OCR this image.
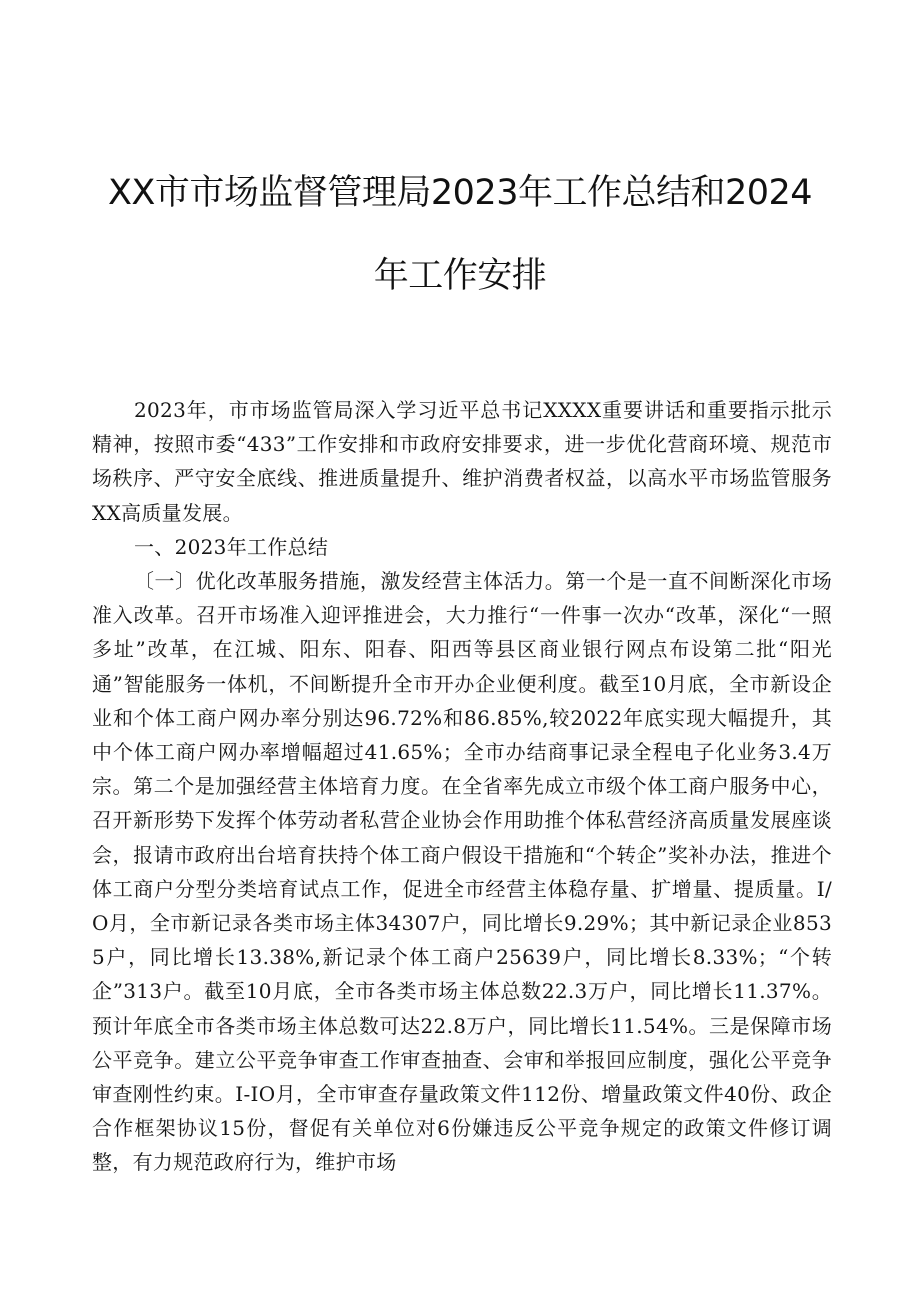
XX市市场监督管理局2023年工作总结和2024
年工作安排

2023年，市市场监管局深入学习近平总书记XXXX重要讲话和重要指示批示精神，按照市委“433”工作安排和市政府安排要求，进一步优化营商环境、规范市场秩序、严守安全底线、推进质量提升、维护消费者权益，以高水平市场监管服务XX高质量发展。

一、2023年工作总结

〔一〕优化改革服务措施，激发经营主体活力。第一个是一直不间断深化市场准入改革。召开市场准入迎评推进会，大力推行“一件事一次办“改革，深化“一照多址”改革，在江城、阳东、阳春、阳西等县区商业银行网点布设第二批“阳光通”智能服务一体机，不间断提升全市开办企业便利度。截至10月底，全市新设企业和个体工商户网办率分别达96.72%和86.85%,较2022年底实现大幅提升，其中个体工商户网办率增幅超过41.65%；全市办结商事记录全程电子化业务3.4万宗。第二个是加强经营主体培育力度。在全省率先成立市级个体工商户服务中心，召开新形势下发挥个体劳动者私营企业协会作用助推个体私营经济高质量发展座谈会，报请市政府出台培育扶持个体工商户假设干措施和“个转企”奖补办法，推进个体工商户分型分类培育试点工作，促进全市经营主体稳存量、扩增量、提质量。I/O月，全市新记录各类市场主体34307户，同比增长9.29%；其中新记录企业8535户，同比增长13.38%,新记录个体工商户25639户，同比增长8.33%；“个转企”313户。截至10月底，全市各类市场主体总数22.3万户，同比增长11.37%。预计年底全市各类市场主体总数可达22.8万户，同比增长11.54%。三是保障市场公平竞争。建立公平竞争审查工作审查抽查、会审和举报回应制度，强化公平竞争审查刚性约束。I-IO月，全市审查存量政策文件112份、增量政策文件40份、政企合作框架协议15份，督促有关单位对6份嫌违反公平竞争规定的政策文件修订调整，有力规范政府行为，维护市场
